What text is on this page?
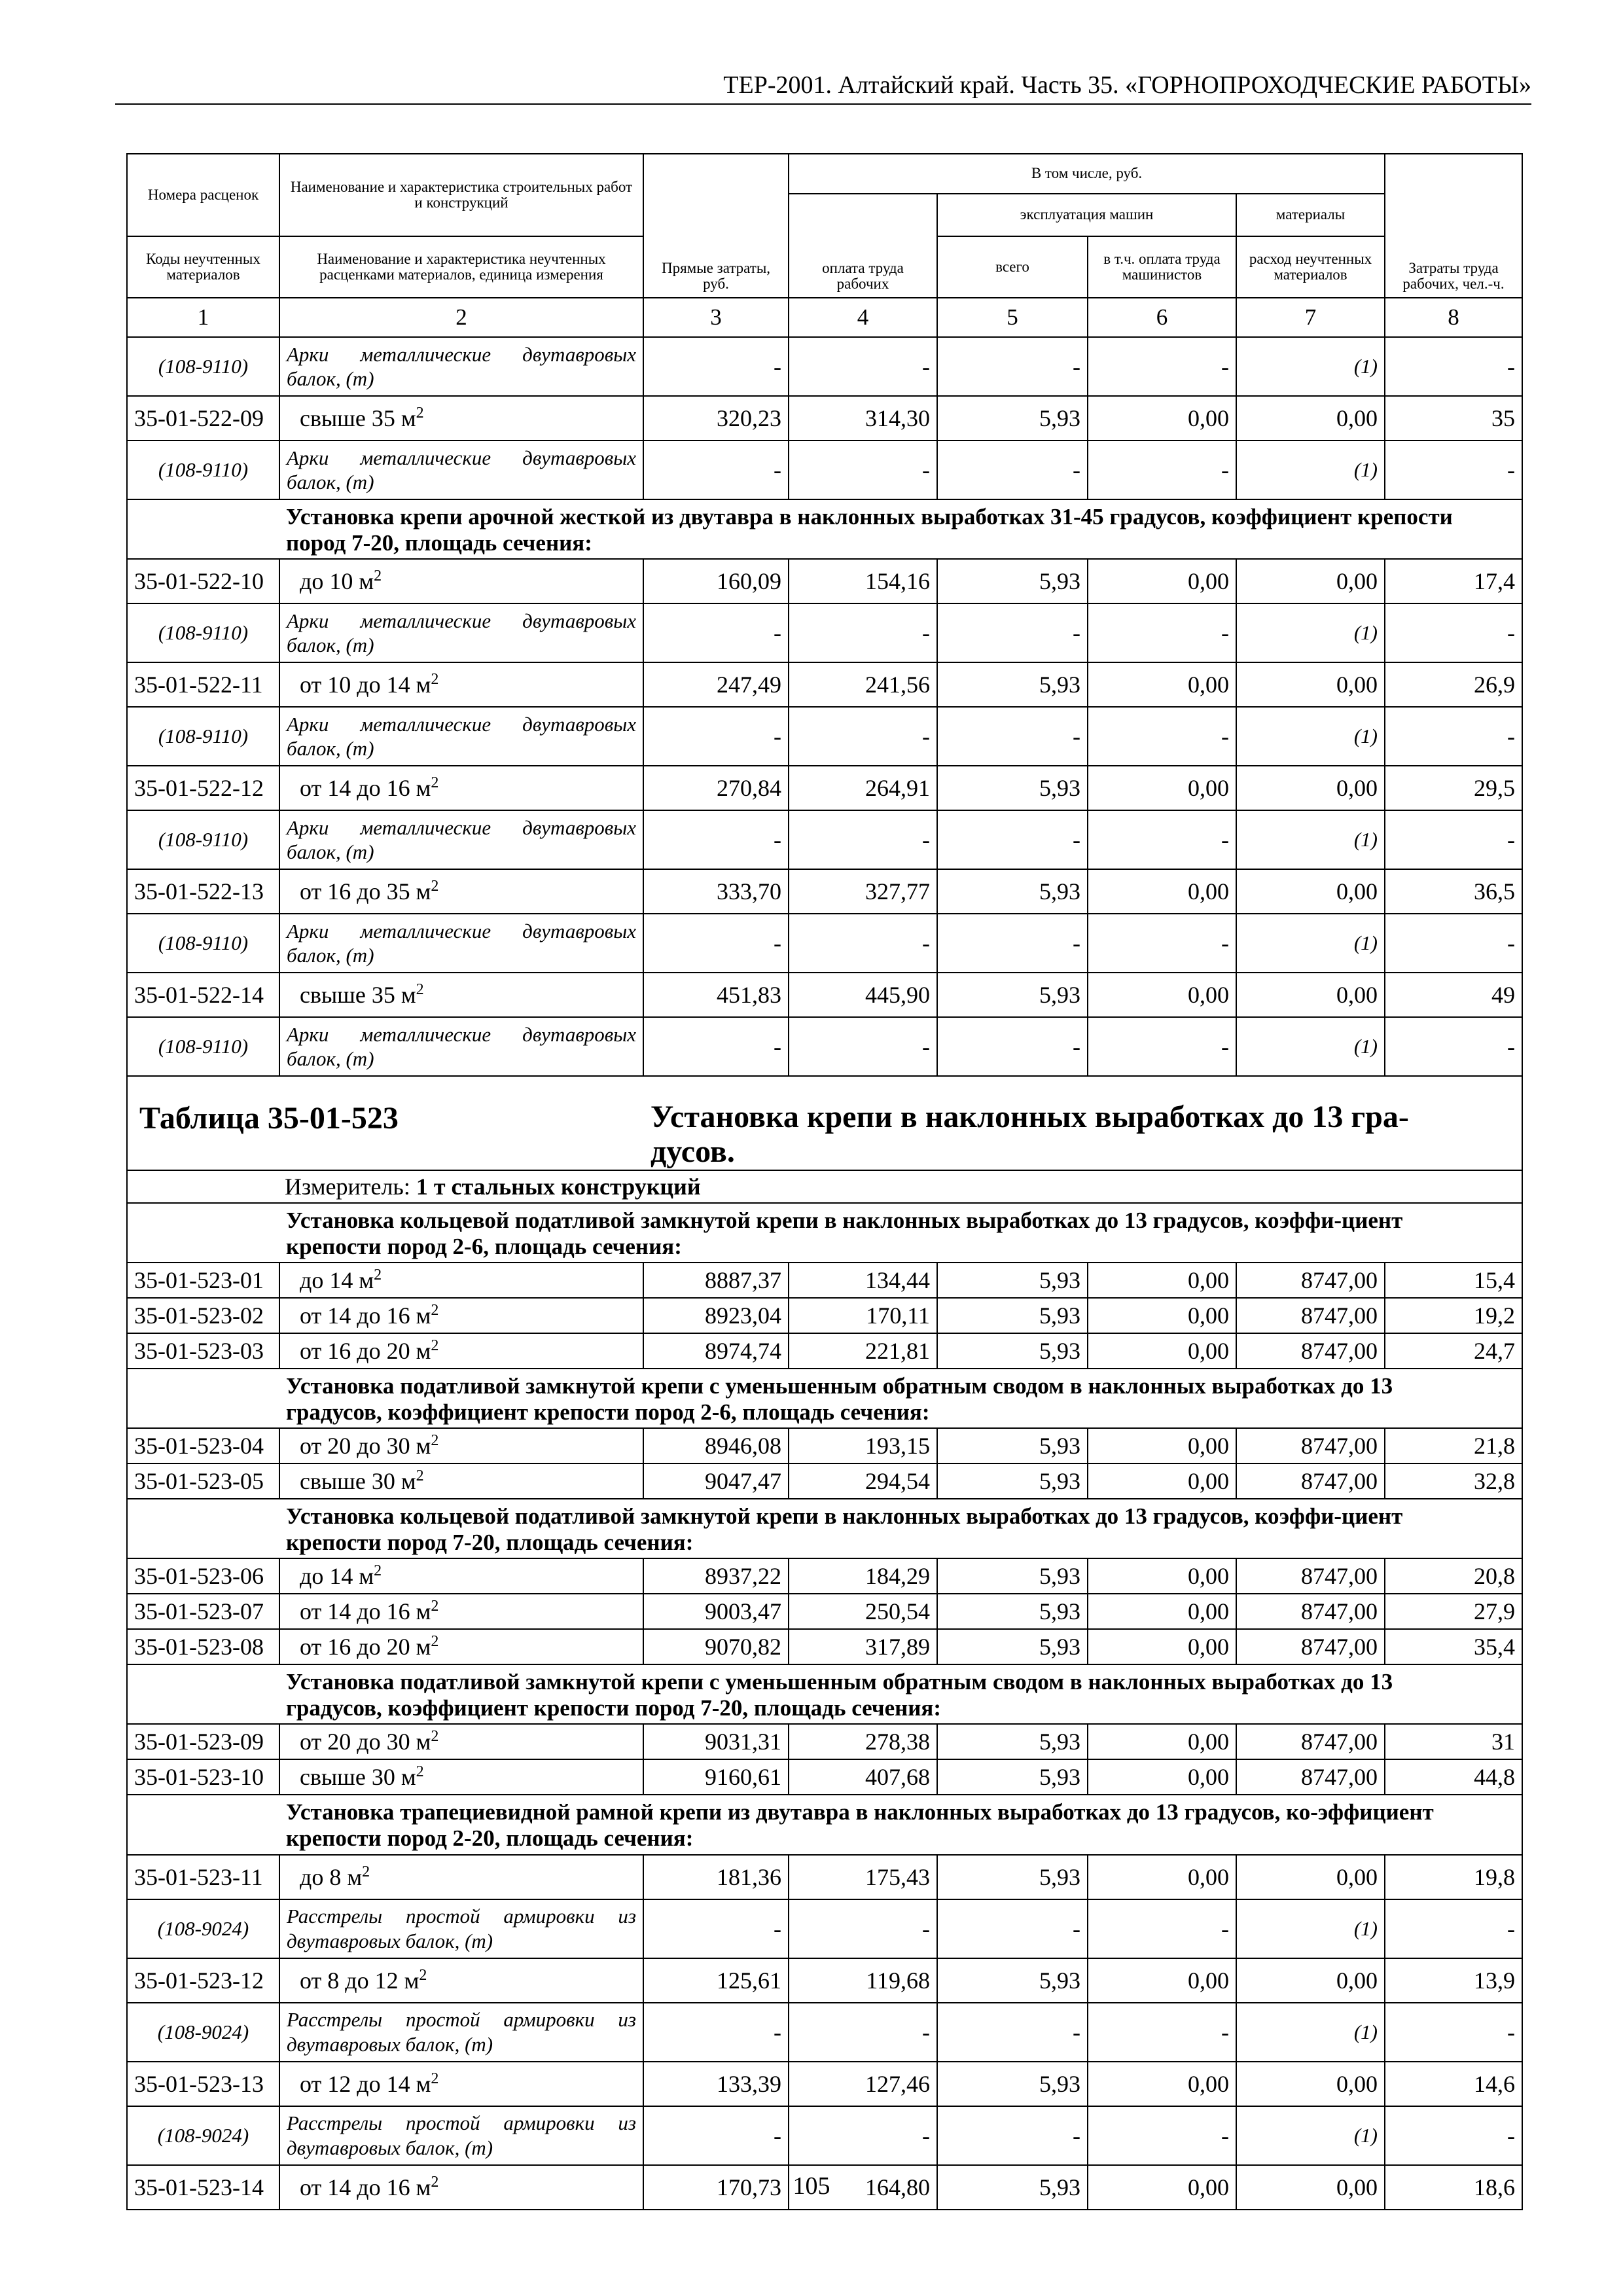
ТЕР-2001. Алтайский край. Часть 35. «ГОРНОПРОХОДЧЕСКИЕ РАБОТЫ»
Номера расценок	Наименование и характеристика строительных работ и конструкций	Прямые затраты, руб.	В том числе, руб.				Затраты труда рабочих, чел.-ч.
			оплата труда рабочих	эксплуатация машин		материалы	
Коды неучтенных материалов	Наименование и характеристика неучтенных расценками материалов, единица измерения			всего	в т.ч. оплата труда машинистов	расход неучтенных материалов	
1	2	3	4	5	6	7	8
(108-9110)	Арки металлические двутавровых балок, (т)	-	-	-	-	(1)	-
35-01-522-09	свыше 35 $м^2$	320,23	314,30	5,93	0,00	0,00	35
(108-9110)	Арки металлические двутавровых балок, (т)	-	-	-	-	(1)	-
	Установка крепи арочной жесткой из двутавра в наклонных выработках 31-45 градусов, коэффициент крепости пород 7-20, площадь сечения:						
35-01-522-10	до 10 $м^2$	160,09	154,16	5,93	0,00	0,00	17,4
(108-9110)	Арки металлические двутавровых балок, (т)	-	-	-	-	(1)	-
35-01-522-11	от 10 до 14 $м^2$	247,49	241,56	5,93	0,00	0,00	26,9
(108-9110)	Арки металлические двутавровых балок, (т)	-	-	-	-	(1)	-
35-01-522-12	от 14 до 16 $м^2$	270,84	264,91	5,93	0,00	0,00	29,5
(108-9110)	Арки металлические двутавровых балок, (т)	-	-	-	-	(1)	-
35-01-522-13	от 16 до 35 $м^2$	333,70	327,77	5,93	0,00	0,00	36,5
(108-9110)	Арки металлические двутавровых балок, (т)	-	-	-	-	(1)	-
35-01-522-14	свыше 35 $м^2$	451,83	445,90	5,93	0,00	0,00	49
(108-9110)	Арки металлические двутавровых балок, (т)	-	-	-	-	(1)	-

Таблица 35-01-523 Установка крепи в наклонных выработках до 13 гра-дусов.							

Измеритель: 1 т стальных конструкций							
	Установка кольцевой податливой замкнутой крепи в наклонных выработках до 13 градусов, коэффи-циент крепости пород 2-6, площадь сечения:						
35-01-523-01	до 14 $м^2$	8887,37	134,44	5,93	0,00	8747,00	15,4
35-01-523-02	от 14 до 16 $м^2$	8923,04	170,11	5,93	0,00	8747,00	19,2
35-01-523-03	от 16 до 20 $м^2$	8974,74	221,81	5,93	0,00	8747,00	24,7
	Установка податливой замкнутой крепи с уменьшенным обратным сводом в наклонных выработках до 13 градусов, коэффициент крепости пород 2-6, площадь сечения:						
35-01-523-04	от 20 до 30 $м^2$	8946,08	193,15	5,93	0,00	8747,00	21,8
35-01-523-05	свыше 30 $м^2$	9047,47	294,54	5,93	0,00	8747,00	32,8
	Установка кольцевой податливой замкнутой крепи в наклонных выработках до 13 градусов, коэффи-циент крепости пород 7-20, площадь сечения:						
35-01-523-06	до 14 $м^2$	8937,22	184,29	5,93	0,00	8747,00	20,8
35-01-523-07	от 14 до 16 $м^2$	9003,47	250,54	5,93	0,00	8747,00	27,9
35-01-523-08	от 16 до 20 $м^2$	9070,82	317,89	5,93	0,00	8747,00	35,4
	Установка податливой замкнутой крепи с уменьшенным обратным сводом в наклонных выработках до 13 градусов, коэффициент крепости пород 7-20, площадь сечения:						
35-01-523-09	от 20 до 30 $м^2$	9031,31	278,38	5,93	0,00	8747,00	31
35-01-523-10	свыше 30 $м^2$	9160,61	407,68	5,93	0,00	8747,00	44,8
	Установка трапециевидной рамной крепи из двутавра в наклонных выработках до 13 градусов, ко-эффициент крепости пород 2-20, площадь сечения:						
35-01-523-11	до 8 $м^2$	181,36	175,43	5,93	0,00	0,00	19,8
(108-9024)	Расстрелы простой армировки из двутавровых балок, (т)	-	-	-	-	(1)	-
35-01-523-12	от 8 до 12 $м^2$	125,61	119,68	5,93	0,00	0,00	13,9
(108-9024)	Расстрелы простой армировки из двутавровых балок, (т)	-	-	-	-	(1)	-
35-01-523-13	от 12 до 14 $м^2$	133,39	127,46	5,93	0,00	0,00	14,6
(108-9024)	Расстрелы простой армировки из двутавровых балок, (т)	-	-	-	-	(1)	-
35-01-523-14	от 14 до 16 $м^2$	170,73	164,80	5,93	0,00	0,00	18,6
105
